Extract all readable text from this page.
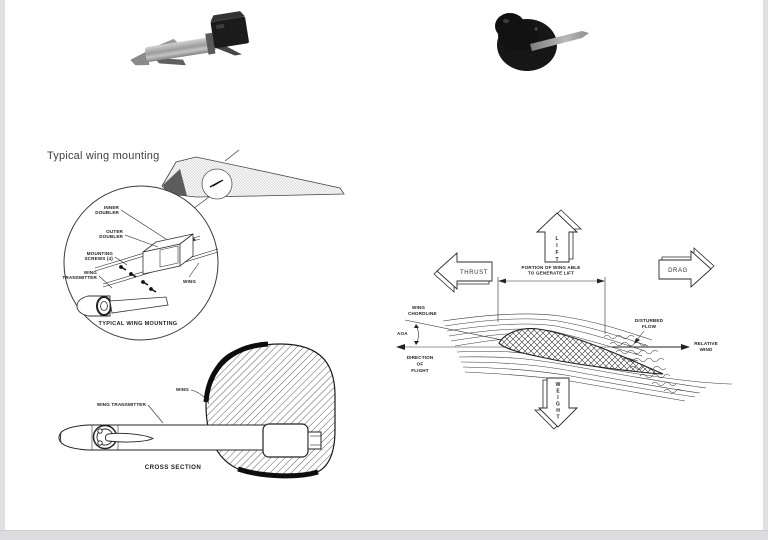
Typical wing mounting
INNER
DOUBLER
OUTER
DOUBLER
MOUNTING
SCREWS (4)
WING
TRANSMITTER
WING
TYPICAL WING MOUNTING
WING TRANSMITTER
WING
CROSS SECTION
PORTION OF WING ABLE
TO GENERATE LIFT
L
I
F
T
THRUST	DRAG
W
E
I
G
H
T
WING
CHORDLINE
AOA
DIRECTION
OF
FLIGHT
DISTURBED
FLOW
RELATIVE
WIND
